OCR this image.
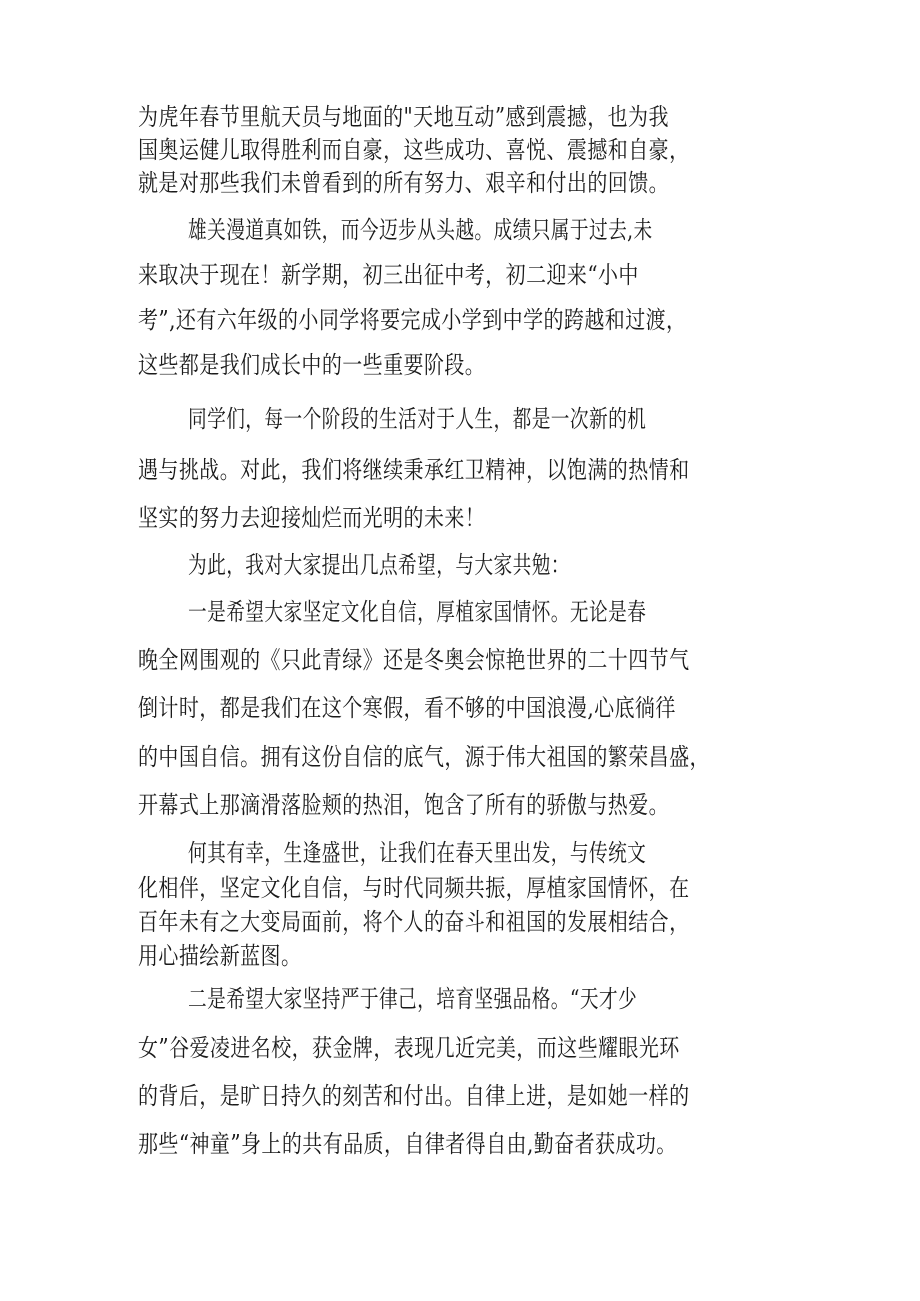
为虎年春节里航天员与地面的"天地互动”感到震撼，也为我
国奥运健儿取得胜利而自豪，这些成功、喜悦、震撼和自豪，
就是对那些我们未曾看到的所有努力、艰辛和付出的回馈。
雄关漫道真如铁，而今迈步从头越。成绩只属于过去,未
来取决于现在！新学期，初三出征中考，初二迎来“小中
考”,还有六年级的小同学将要完成小学到中学的跨越和过渡，
这些都是我们成长中的一些重要阶段。
同学们，每一个阶段的生活对于人生，都是一次新的机
遇与挑战。对此，我们将继续秉承红卫精神，以饱满的热情和
坚实的努力去迎接灿烂而光明的未来！
为此，我对大家提出几点希望，与大家共勉：
一是希望大家坚定文化自信，厚植家国情怀。无论是春
晚全网围观的《只此青绿》还是冬奥会惊艳世界的二十四节气
倒计时，都是我们在这个寒假，看不够的中国浪漫,心底徜徉
的中国自信。拥有这份自信的底气，源于伟大祖国的繁荣昌盛，
开幕式上那滴滑落脸颊的热泪，饱含了所有的骄傲与热爱。
何其有幸，生逢盛世，让我们在春天里出发，与传统文
化相伴，坚定文化自信，与时代同频共振，厚植家国情怀，在
百年未有之大变局面前，将个人的奋斗和祖国的发展相结合，
用心描绘新蓝图。
二是希望大家坚持严于律己，培育坚强品格。“天才少
女”谷爱凌进名校，获金牌，表现几近完美，而这些耀眼光环
的背后，是旷日持久的刻苦和付出。自律上进，是如她一样的
那些“神童”身上的共有品质，自律者得自由,勤奋者获成功。
